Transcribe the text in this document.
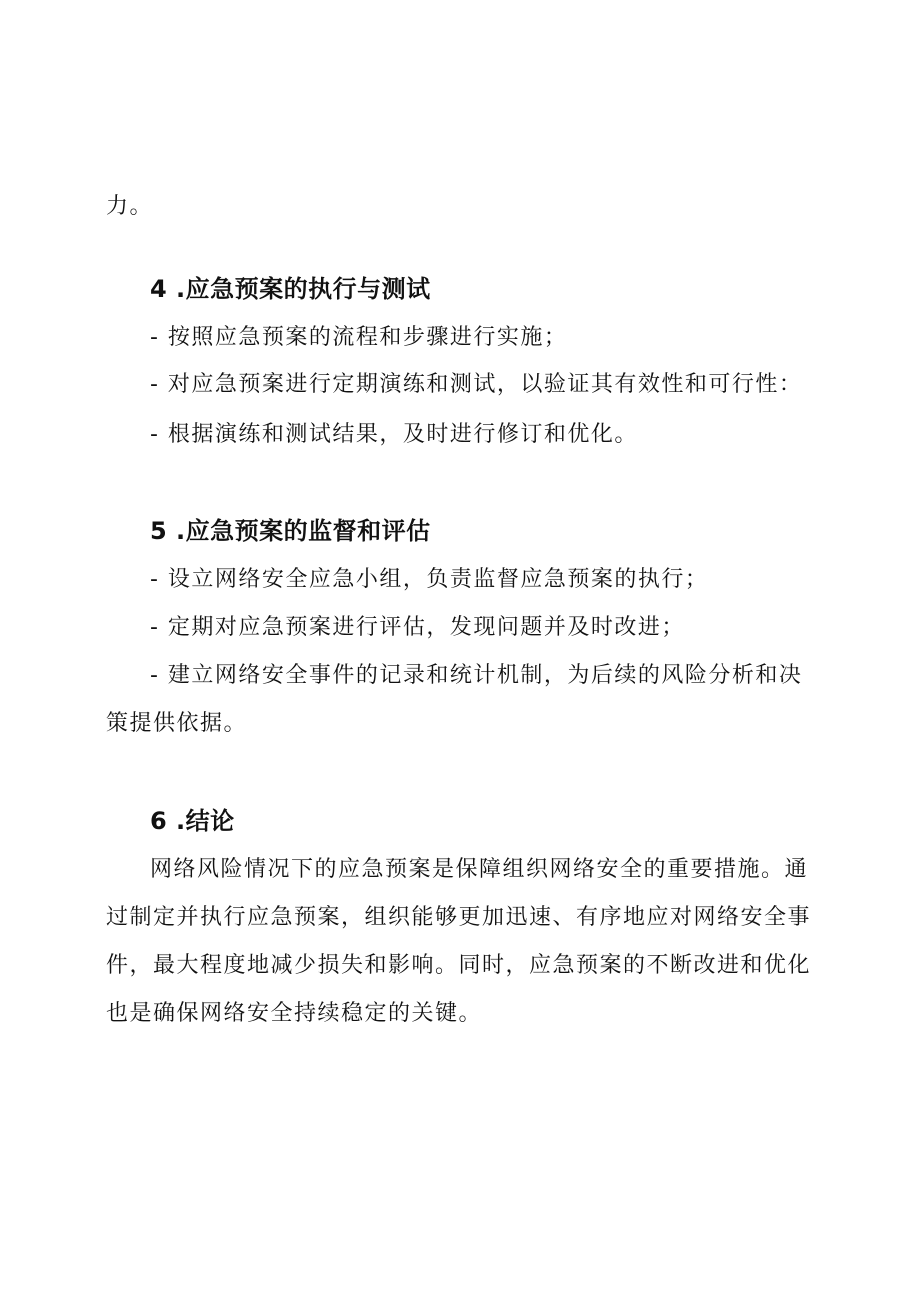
力。
4 .应急预案的执行与测试
- 按照应急预案的流程和步骤进行实施；
- 对应急预案进行定期演练和测试，以验证其有效性和可行性：
- 根据演练和测试结果，及时进行修订和优化。
5 .应急预案的监督和评估
- 设立网络安全应急小组，负责监督应急预案的执行；
- 定期对应急预案进行评估，发现问题并及时改进；
- 建立网络安全事件的记录和统计机制，为后续的风险分析和决
策提供依据。
6 .结论
网络风险情况下的应急预案是保障组织网络安全的重要措施。通
过制定并执行应急预案，组织能够更加迅速、有序地应对网络安全事
件，最大程度地减少损失和影响。同时，应急预案的不断改进和优化
也是确保网络安全持续稳定的关键。
